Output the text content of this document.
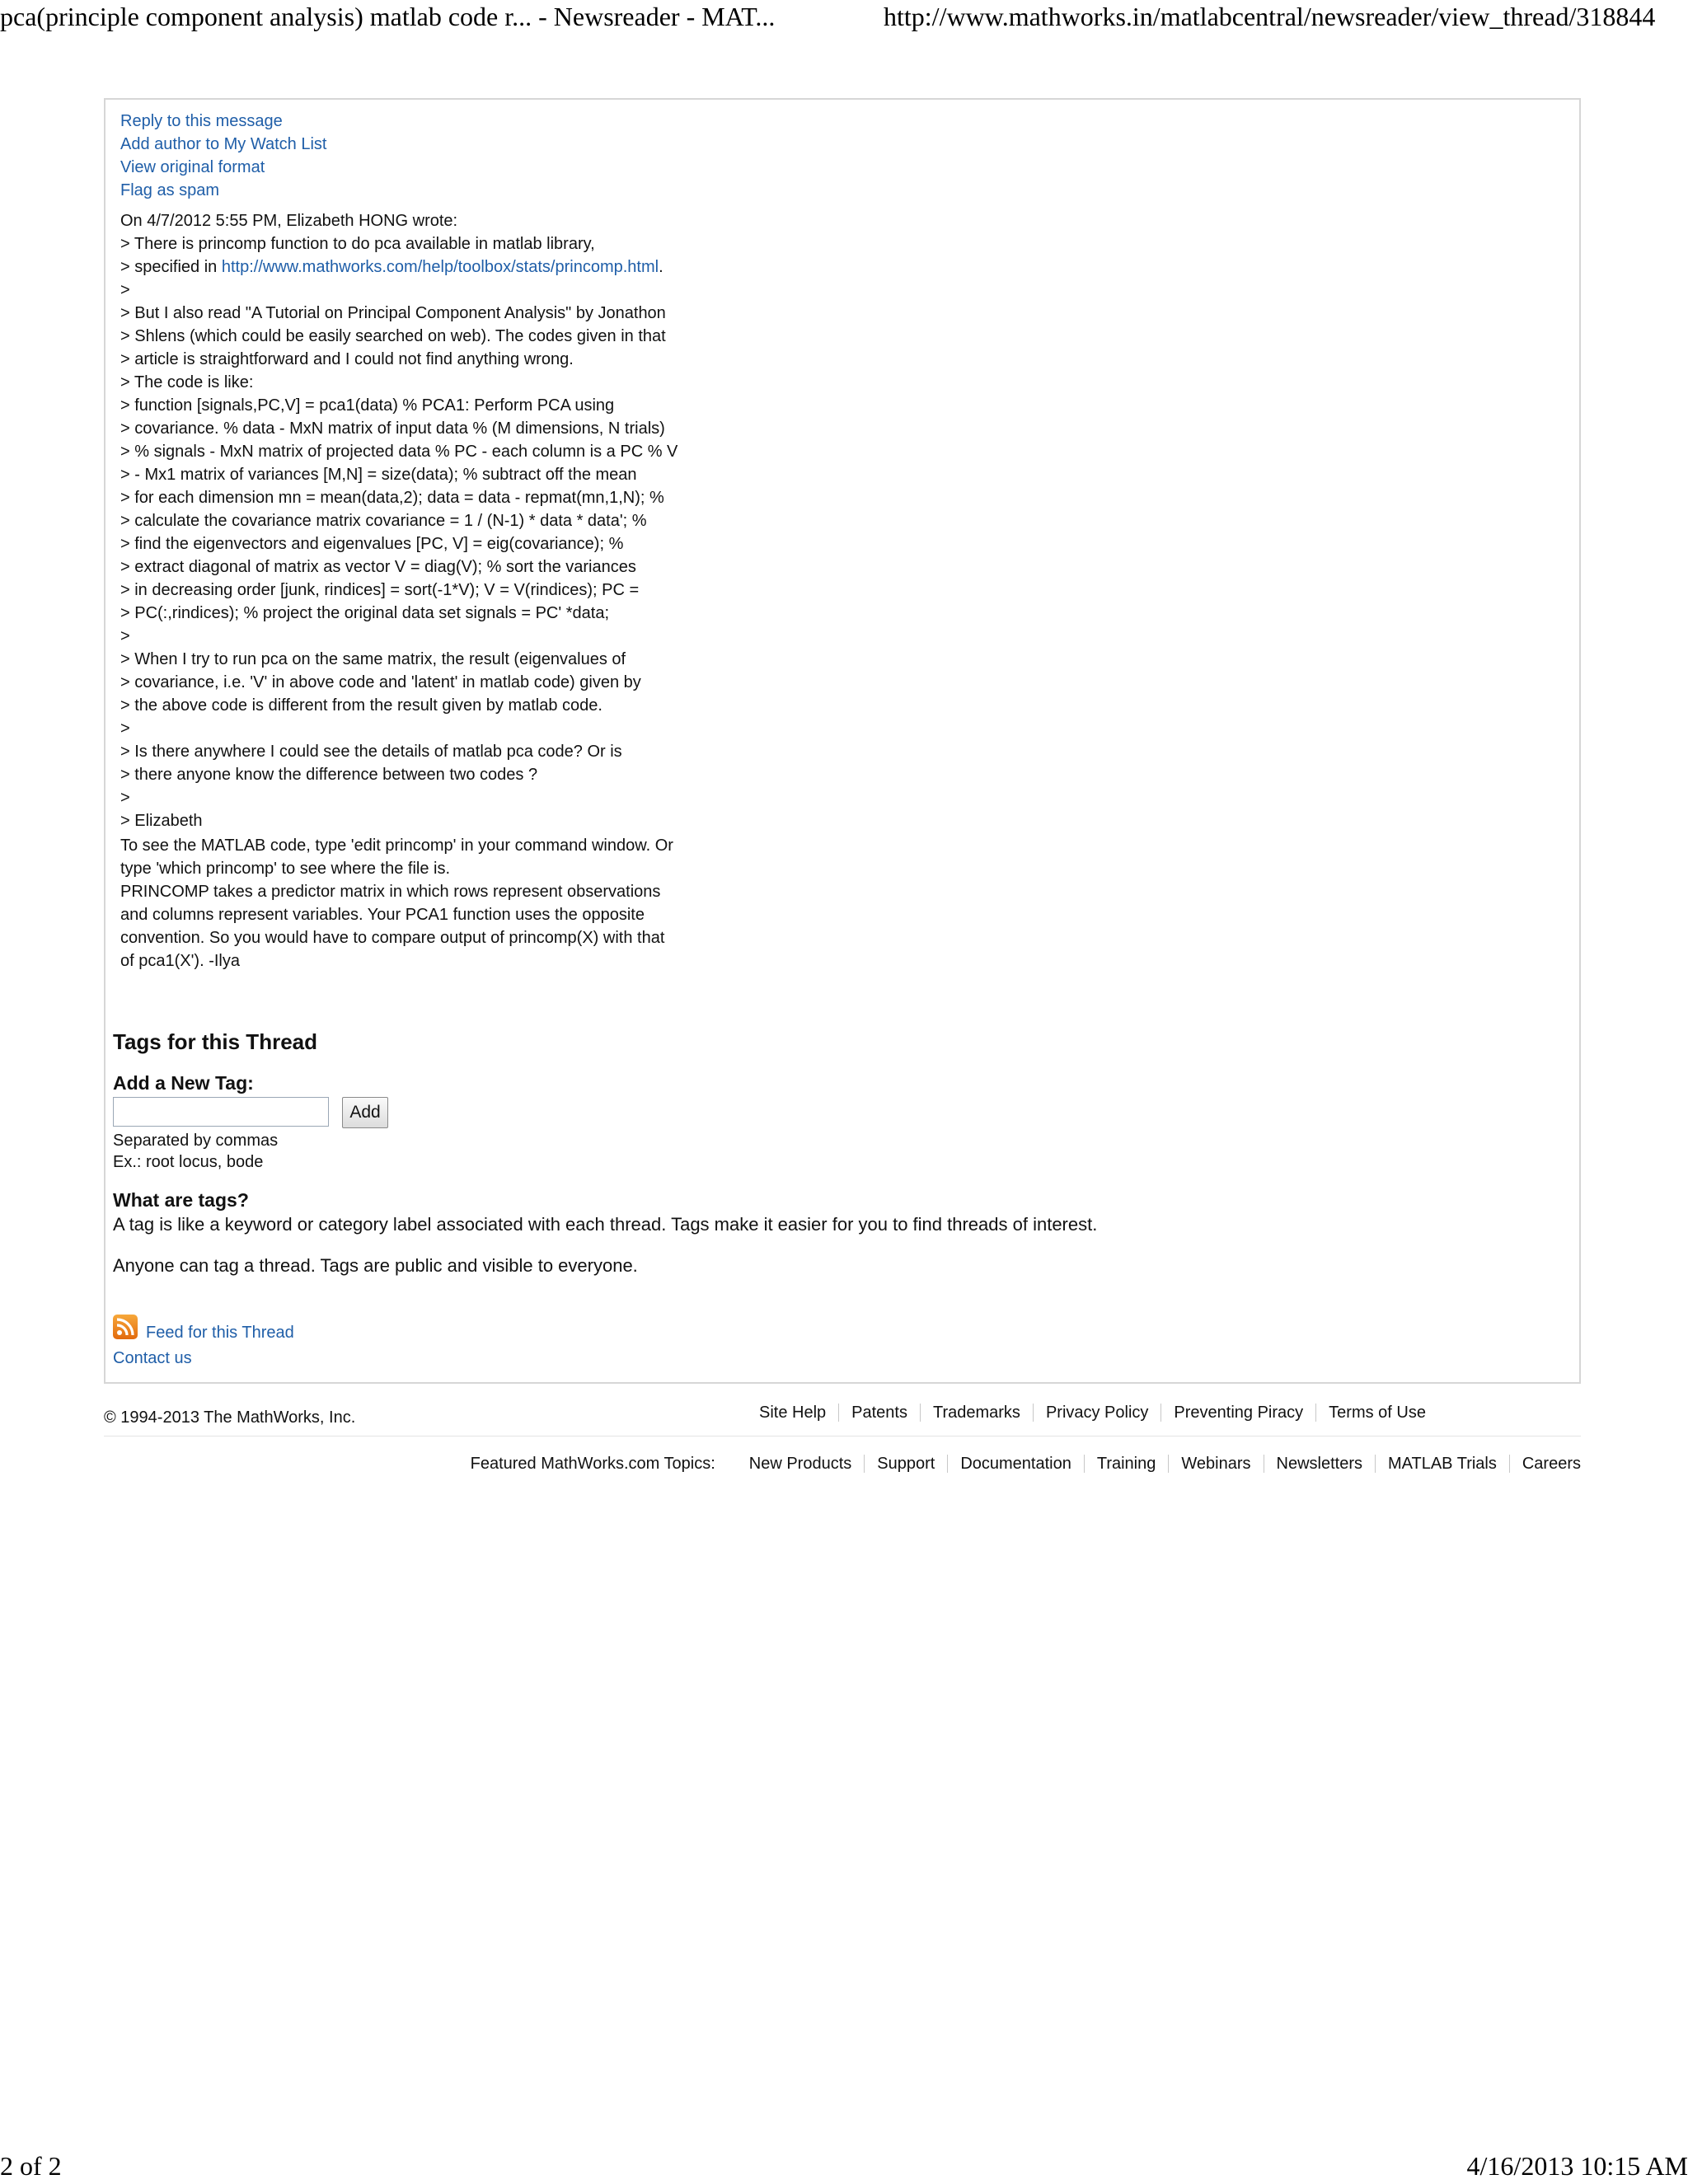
pca(principle component analysis) matlab code r... - Newsreader - MAT...	http://www.mathworks.in/matlabcentral/newsreader/view_thread/318844
Reply to this message
Add author to My Watch List
View original format
Flag as spam
On 4/7/2012 5:55 PM, Elizabeth HONG wrote:
> There is princomp function to do pca available in matlab library,
> specified in http://www.mathworks.com/help/toolbox/stats/princomp.html.
>
> But I also read "A Tutorial on Principal Component Analysis" by Jonathon
> Shlens (which could be easily searched on web). The codes given in that
> article is straightforward and I could not find anything wrong.
> The code is like:
> function [signals,PC,V] = pca1(data) % PCA1: Perform PCA using
> covariance. % data - MxN matrix of input data % (M dimensions, N trials)
> % signals - MxN matrix of projected data % PC - each column is a PC % V
> - Mx1 matrix of variances [M,N] = size(data); % subtract off the mean
> for each dimension mn = mean(data,2); data = data - repmat(mn,1,N); %
> calculate the covariance matrix covariance = 1 / (N-1) * data * data'; %
> find the eigenvectors and eigenvalues [PC, V] = eig(covariance); %
> extract diagonal of matrix as vector V = diag(V); % sort the variances
> in decreasing order [junk, rindices] = sort(-1*V); V = V(rindices); PC =
> PC(:,rindices); % project the original data set signals = PC' *data;
>
> When I try to run pca on the same matrix, the result (eigenvalues of
> covariance, i.e. 'V' in above code and 'latent' in matlab code) given by
> the above code is different from the result given by matlab code.
>
> Is there anywhere I could see the details of matlab pca code? Or is
> there anyone know the difference between two codes ?
>
> Elizabeth
To see the MATLAB code, type 'edit princomp' in your command window. Or
type 'which princomp' to see where the file is.
PRINCOMP takes a predictor matrix in which rows represent observations
and columns represent variables. Your PCA1 function uses the opposite
convention. So you would have to compare output of princomp(X) with that
of pca1(X'). -Ilya
Tags for this Thread
Add a New Tag:
Add
Separated by commas
Ex.: root locus, bode
What are tags?

A tag is like a keyword or category label associated with each thread. Tags make it easier for you to find threads of interest.

Anyone can tag a thread. Tags are public and visible to everyone.

Feed for this Thread
Contact us
© 1994-2013 The MathWorks, Inc.	Site Help Patents Trademarks Privacy Policy Preventing Piracy Terms of Use
Featured MathWorks.com Topics: New Products Support Documentation Training Webinars Newsletters MATLAB Trials Careers
2 of 2	4/16/2013 10:15 AM
